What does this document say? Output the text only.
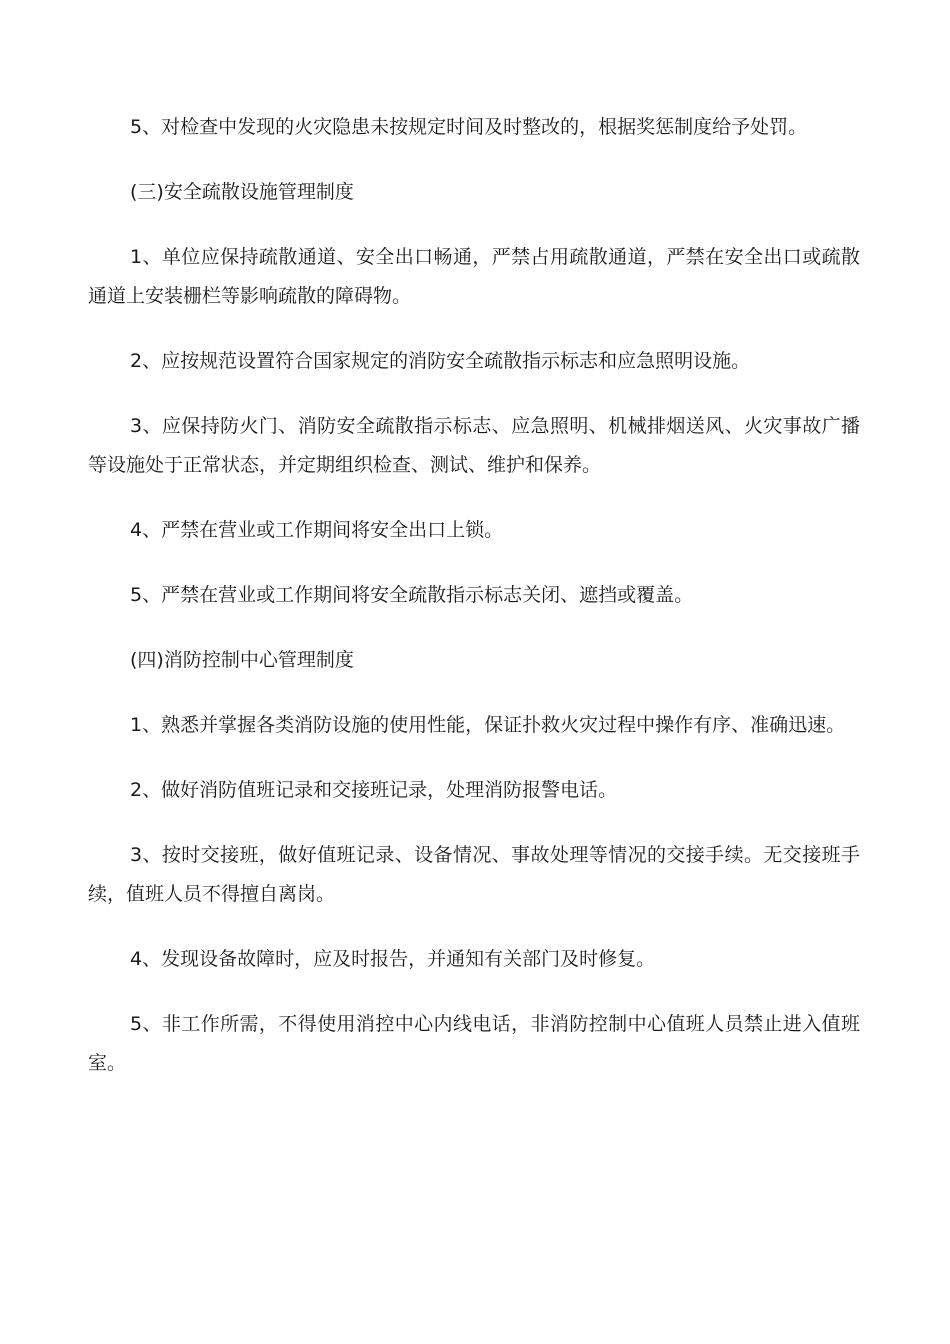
5、对检查中发现的火灾隐患未按规定时间及时整改的，根据奖惩制度给予处罚。

(三)安全疏散设施管理制度

1、单位应保持疏散通道、安全出口畅通，严禁占用疏散通道，严禁在安全出口或疏散通道上安装栅栏等影响疏散的障碍物。

2、应按规范设置符合国家规定的消防安全疏散指示标志和应急照明设施。

3、应保持防火门、消防安全疏散指示标志、应急照明、机械排烟送风、火灾事故广播等设施处于正常状态，并定期组织检查、测试、维护和保养。

4、严禁在营业或工作期间将安全出口上锁。

5、严禁在营业或工作期间将安全疏散指示标志关闭、遮挡或覆盖。

(四)消防控制中心管理制度

1、熟悉并掌握各类消防设施的使用性能，保证扑救火灾过程中操作有序、准确迅速。

2、做好消防值班记录和交接班记录，处理消防报警电话。

3、按时交接班，做好值班记录、设备情况、事故处理等情况的交接手续。无交接班手续，值班人员不得擅自离岗。

4、发现设备故障时，应及时报告，并通知有关部门及时修复。

5、非工作所需，不得使用消控中心内线电话，非消防控制中心值班人员禁止进入值班室。
